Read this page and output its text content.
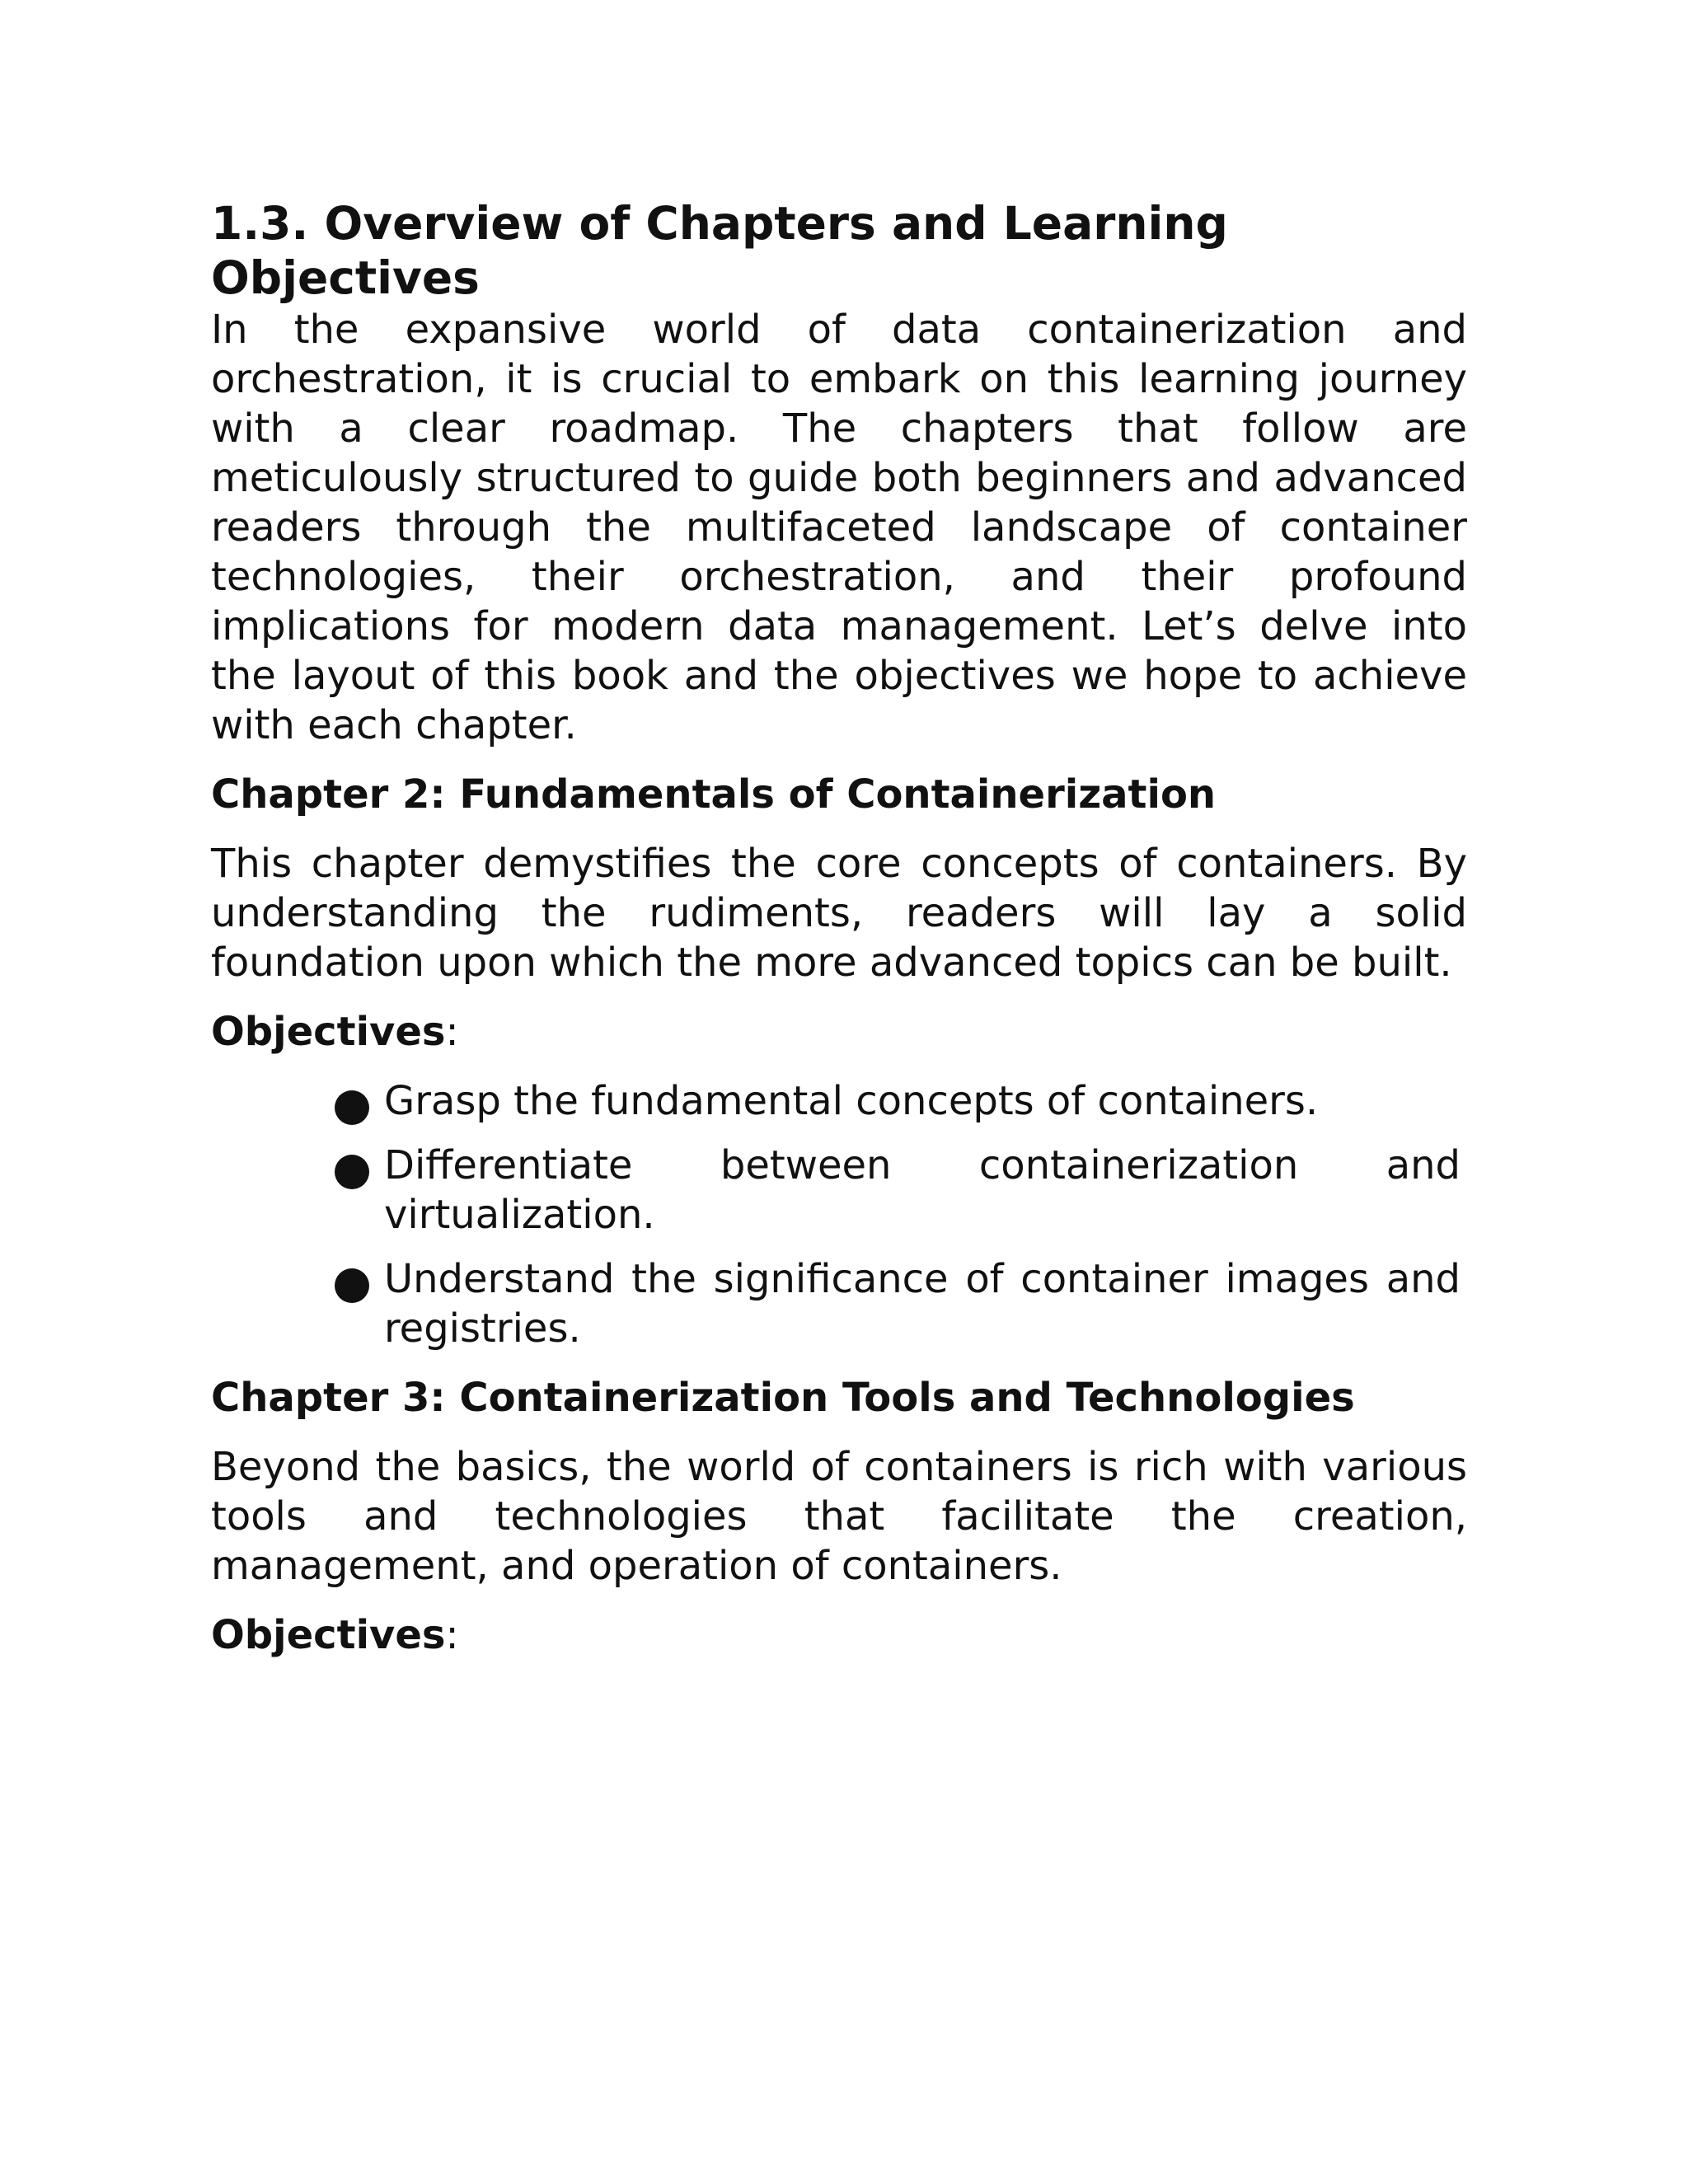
1.3. Overview of Chapters and Learning Objectives

In the expansive world of data containerization and orchestration, it is crucial to embark on this learning journey with a clear roadmap. The chapters that follow are meticulously structured to guide both beginners and advanced readers through the multifaceted landscape of container technologies, their orchestration, and their profound implications for modern data management. Let’s delve into the layout of this book and the objectives we hope to achieve with each chapter.

Chapter 2: Fundamentals of Containerization

This chapter demystifies the core concepts of containers. By understanding the rudiments, readers will lay a solid foundation upon which the more advanced topics can be built.

Objectives:

Grasp the fundamental concepts of containers.
Differentiate between containerization and virtualization.
Understand the significance of container images and registries.
Chapter 3: Containerization Tools and Technologies

Beyond the basics, the world of containers is rich with various tools and technologies that facilitate the creation, management, and operation of containers.

Objectives:
